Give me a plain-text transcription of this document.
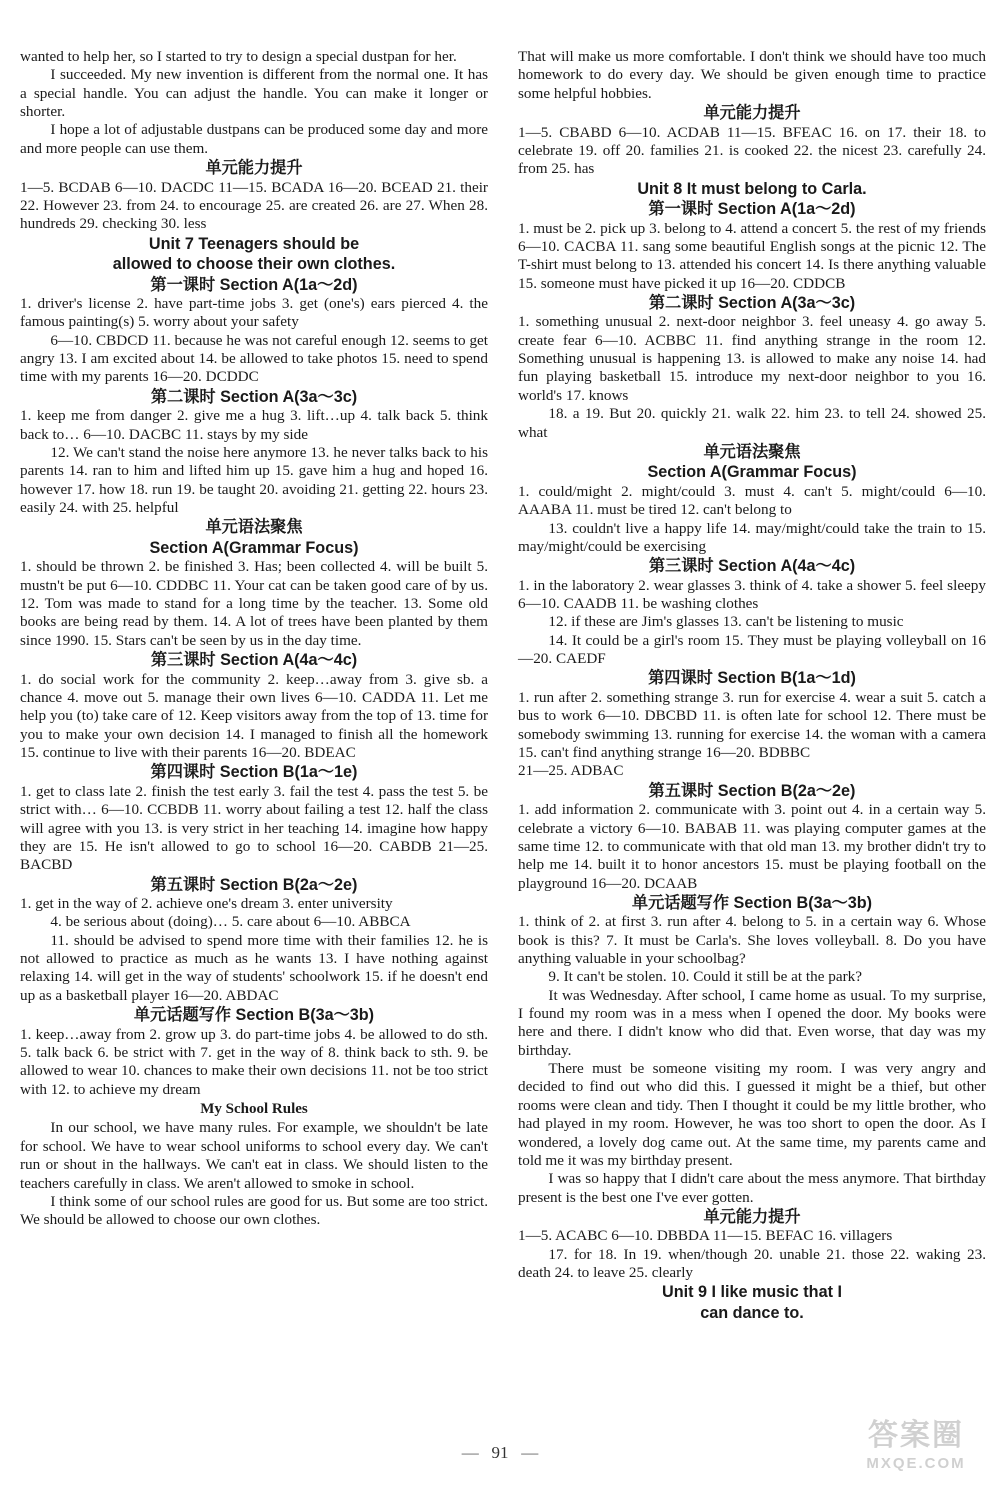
wanted to help her, so I started to try to design a special dustpan for her.

I succeeded. My new invention is different from the normal one. It has a special handle. You can adjust the handle. You can make it longer or shorter.

I hope a lot of adjustable dustpans can be produced some day and more and more people can use them.

单元能力提升

1—5. BCDAB 6—10. DACDC 11—15. BCADA 16—20. BCEAD 21. their 22. However 23. from 24. to encourage 25. are created 26. are 27. When 28. hundreds 29. checking 30. less

Unit 7 Teenagers should be
allowed to choose their own clothes.
第一课时 Section A(1a～2d)

1. driver's license 2. have part-time jobs 3. get (one's) ears pierced 4. the famous painting(s) 5. worry about your safety

6—10. CBDCD 11. because he was not careful enough 12. seems to get angry 13. I am excited about 14. be allowed to take photos 15. need to spend time with my parents 16—20. DCDDC

第二课时 Section A(3a～3c)

1. keep me from danger 2. give me a hug 3. lift…up 4. talk back 5. think back to… 6—10. DACBC 11. stays by my side

12. We can't stand the noise here anymore 13. he never talks back to his parents 14. ran to him and lifted him up 15. gave him a hug and hoped 16. however 17. how 18. run 19. be taught 20. avoiding 21. getting 22. hours 23. easily 24. with 25. helpful

单元语法聚焦
Section A(Grammar Focus)

1. should be thrown 2. be finished 3. Has; been collected 4. will be built 5. mustn't be put 6—10. CDDBC 11. Your cat can be taken good care of by us. 12. Tom was made to stand for a long time by the teacher. 13. Some old books are being read by them. 14. A lot of trees have been planted by them since 1990. 15. Stars can't be seen by us in the day time.

第三课时 Section A(4a～4c)

1. do social work for the community 2. keep…away from 3. give sb. a chance 4. move out 5. manage their own lives 6—10. CADDA 11. Let me help you (to) take care of 12. Keep visitors away from the top of 13. time for you to make your own decision 14. I managed to finish all the homework 15. continue to live with their parents 16—20. BDEAC

第四课时 Section B(1a～1e)

1. get to class late 2. finish the test early 3. fail the test 4. pass the test 5. be strict with… 6—10. CCBDB 11. worry about failing a test 12. half the class will agree with you 13. is very strict in her teaching 14. imagine how happy they are 15. He isn't allowed to go to school 16—20. CABDB 21—25. BACBD

第五课时 Section B(2a～2e)

1. get in the way of 2. achieve one's dream 3. enter university

4. be serious about (doing)… 5. care about 6—10. ABBCA

11. should be advised to spend more time with their families 12. he is not allowed to practice as much as he wants 13. I have nothing against relaxing 14. will get in the way of students' schoolwork 15. if he doesn't end up as a basketball player 16—20. ABDAC

单元话题写作 Section B(3a～3b)

1. keep…away from 2. grow up 3. do part-time jobs 4. be allowed to do sth. 5. talk back 6. be strict with 7. get in the way of 8. think back to sth. 9. be allowed to wear 10. chances to make their own decisions 11. not be too strict with 12. to achieve my dream

My School Rules

In our school, we have many rules. For example, we shouldn't be late for school. We have to wear school uniforms to school every day. We can't run or shout in the hallways. We can't eat in class. We should listen to the teachers carefully in class. We aren't allowed to smoke in school.

I think some of our school rules are good for us. But some are too strict. We should be allowed to choose our own clothes.

That will make us more comfortable. I don't think we should have too much homework to do every day. We should be given enough time to practice some helpful hobbies.

单元能力提升

1—5. CBABD 6—10. ACDAB 11—15. BFEAC 16. on 17. their 18. to celebrate 19. off 20. families 21. is cooked 22. the nicest 23. carefully 24. from 25. has

Unit 8 It must belong to Carla.
第一课时 Section A(1a～2d)

1. must be 2. pick up 3. belong to 4. attend a concert 5. the rest of my friends 6—10. CACBA 11. sang some beautiful English songs at the picnic 12. The T-shirt must belong to 13. attended his concert 14. Is there anything valuable 15. someone must have picked it up 16—20. CDDCB

第二课时 Section A(3a～3c)

1. something unusual 2. next-door neighbor 3. feel uneasy 4. go away 5. create fear 6—10. ACBBC 11. find anything strange in the room 12. Something unusual is happening 13. is allowed to make any noise 14. had fun playing basketball 15. introduce my next-door neighbor to you 16. world's 17. knows

18. a 19. But 20. quickly 21. walk 22. him 23. to tell 24. showed 25. what

单元语法聚焦
Section A(Grammar Focus)

1. could/might 2. might/could 3. must 4. can't 5. might/could 6—10. AAABA 11. must be tired 12. can't belong to

13. couldn't live a happy life 14. may/might/could take the train to 15. may/might/could be exercising

第三课时 Section A(4a～4c)

1. in the laboratory 2. wear glasses 3. think of 4. take a shower 5. feel sleepy 6—10. CAADB 11. be washing clothes

12. if these are Jim's glasses 13. can't be listening to music

14. It could be a girl's room 15. They must be playing volleyball on 16—20. CAEDF

第四课时 Section B(1a～1d)

1. run after 2. something strange 3. run for exercise 4. wear a suit 5. catch a bus to work 6—10. DBCBD 11. is often late for school 12. There must be somebody swimming 13. running for exercise 14. the woman with a camera 15. can't find anything strange 16—20. BDBBC

21—25. ADBAC

第五课时 Section B(2a～2e)

1. add information 2. communicate with 3. point out 4. in a certain way 5. celebrate a victory 6—10. BABAB 11. was playing computer games at the same time 12. to communicate with that old man 13. my brother didn't try to help me 14. built it to honor ancestors 15. must be playing football on the playground 16—20. DCAAB

单元话题写作 Section B(3a～3b)

1. think of 2. at first 3. run after 4. belong to 5. in a certain way 6. Whose book is this? 7. It must be Carla's. She loves volleyball. 8. Do you have anything valuable in your schoolbag?

9. It can't be stolen. 10. Could it still be at the park?

It was Wednesday. After school, I came home as usual. To my surprise, I found my room was in a mess when I opened the door. My books were here and there. I didn't know who did that. Even worse, that day was my birthday.

There must be someone visiting my room. I was very angry and decided to find out who did this. I guessed it might be a thief, but other rooms were clean and tidy. Then I thought it could be my little brother, who had played in my room. However, he was too short to open the door. As I wondered, a lovely dog came out. At the same time, my parents came and told me it was my birthday present.

I was so happy that I didn't care about the mess anymore. That birthday present is the best one I've ever gotten.

单元能力提升

1—5. ACABC 6—10. DBBDA 11—15. BEFAC 16. villagers

17. for 18. In 19. when/though 20. unable 21. those 22. waking 23. death 24. to leave 25. clearly

Unit 9 I like music that I
can dance to.
— 91 —
答案圈
MXQE.COM
